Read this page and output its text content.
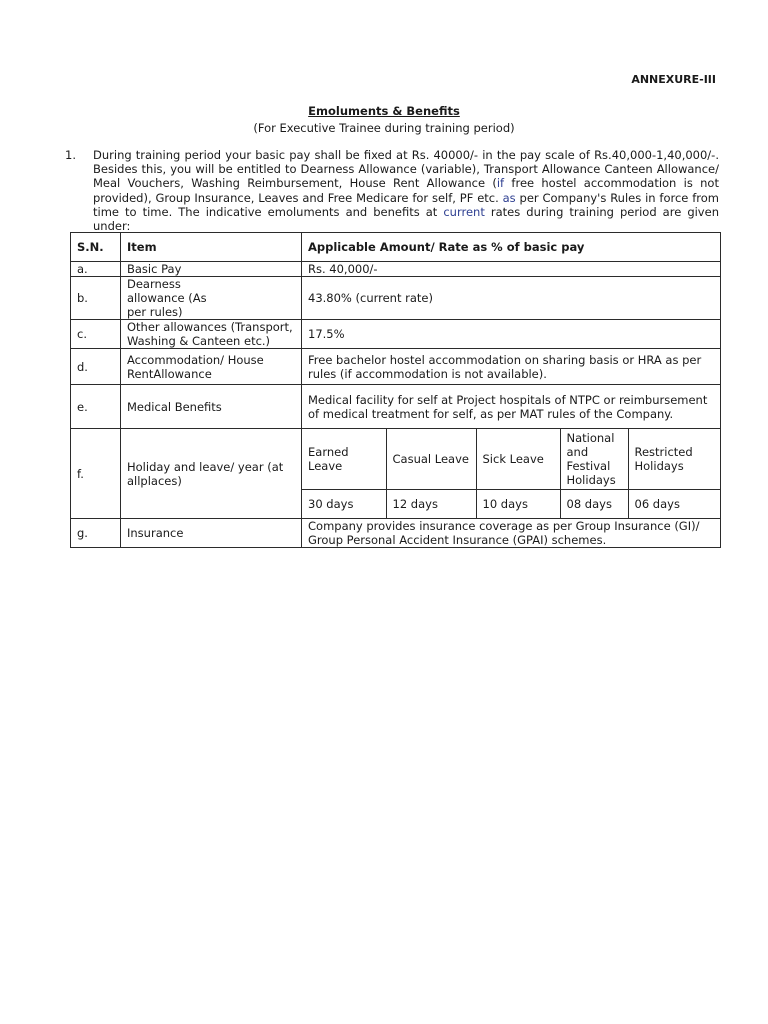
ANNEXURE-III
Emoluments & Benefits
(For Executive Trainee during training period)
1. During training period your basic pay shall be fixed at Rs. 40000/- in the pay scale of Rs.40,000-1,40,000/-. Besides this, you will be entitled to Dearness Allowance (variable), Transport Allowance Canteen Allowance/ Meal Vouchers, Washing Reimbursement, House Rent Allowance (if free hostel accommodation is not provided), Group Insurance, Leaves and Free Medicare for self, PF etc. as per Company's Rules in force from time to time. The indicative emoluments and benefits at current rates during training period are given under:
S.N.	Item	Applicable Amount/ Rate as % of basic pay
a.	Basic Pay	Rs. 40,000/-
b.	Dearness allowance (As per rules)	43.80% (current rate)
c.	Other allowances (Transport, Washing & Canteen etc.)	17.5%
d.	Accommodation/ House RentAllowance	Free bachelor hostel accommodation on sharing basis or HRA as per rules (if accommodation is not available).
e.	Medical Benefits	Medical facility for self at Project hospitals of NTPC or reimbursement of medical treatment for self, as per MAT rules of the Company.
f.	Holiday and leave/ year (at allplaces)	
Earned Leave	Casual Leave	Sick Leave	National and Festival Holidays	Restricted Holidays
30 days	12 days	10 days	08 days	06 days

g.	Insurance	Company provides insurance coverage as per Group Insurance (GI)/ Group Personal Accident Insurance (GPAI) schemes.
